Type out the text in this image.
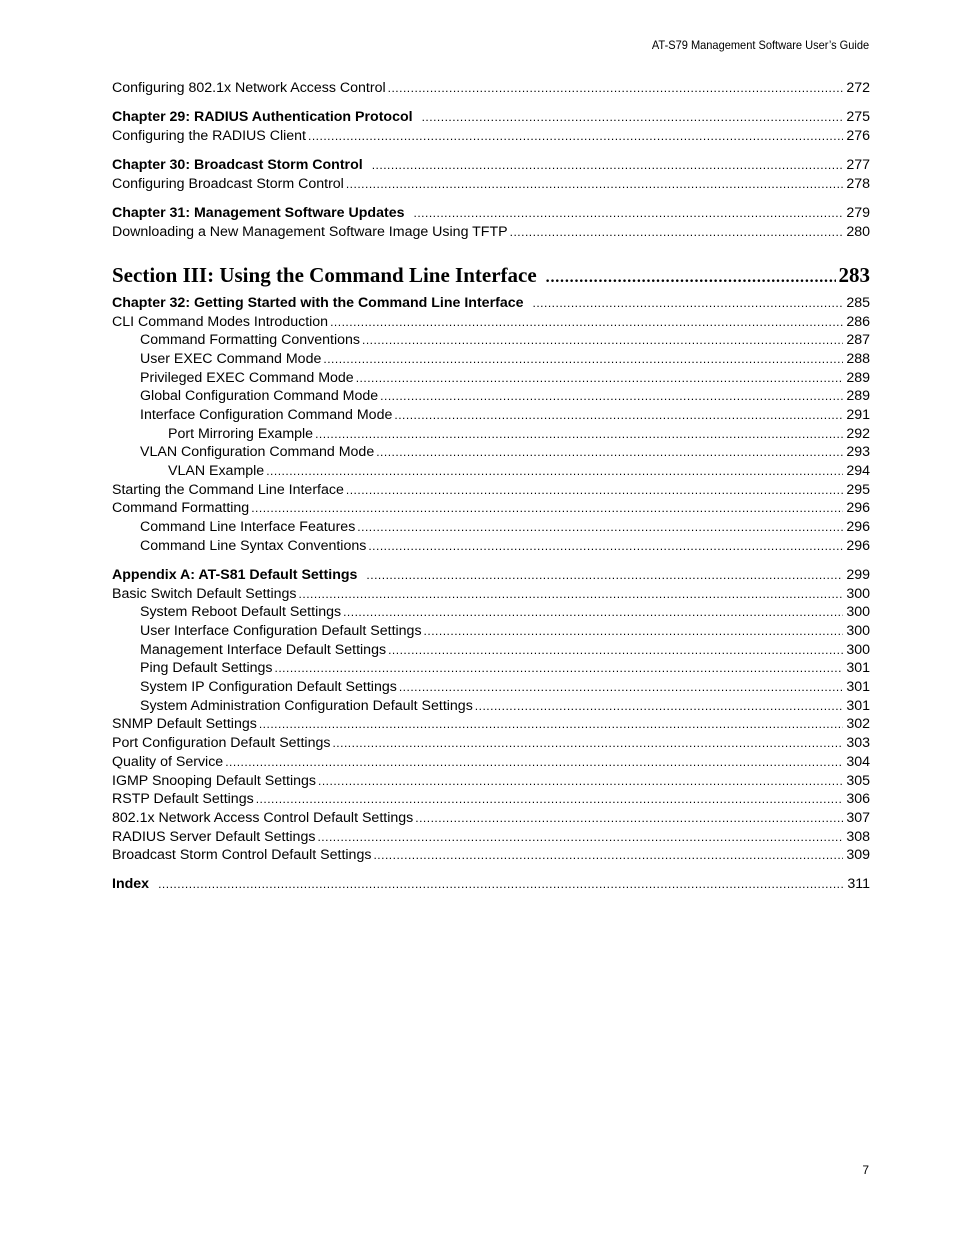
AT-S79 Management Software User’s Guide
Configuring 802.1x Network Access Control .....	272
Chapter 29: RADIUS Authentication Protocol .....	275
Configuring the RADIUS Client .....	276
Chapter 30: Broadcast Storm Control .....	277
Configuring Broadcast Storm Control .....	278
Chapter 31: Management Software Updates .....	279
Downloading a New Management Software Image Using TFTP .....	280
Section III: Using the Command Line Interface .....	283
Chapter 32: Getting Started with the Command Line Interface .....	285
CLI Command Modes Introduction .....	286
Command Formatting Conventions .....	287
User EXEC Command Mode .....	288
Privileged EXEC Command Mode .....	289
Global Configuration Command Mode .....	289
Interface Configuration Command Mode .....	291
Port Mirroring Example .....	292
VLAN Configuration Command Mode .....	293
VLAN Example .....	294
Starting the Command Line Interface .....	295
Command Formatting .....	296
Command Line Interface Features .....	296
Command Line Syntax Conventions .....	296
Appendix A: AT-S81 Default Settings .....	299
Basic Switch Default Settings .....	300
System Reboot Default Settings .....	300
User Interface Configuration Default Settings .....	300
Management Interface Default Settings .....	300
Ping Default Settings .....	301
System IP Configuration Default Settings .....	301
System Administration Configuration Default Settings .....	301
SNMP Default Settings .....	302
Port Configuration Default Settings .....	303
Quality of Service .....	304
IGMP Snooping Default Settings .....	305
RSTP Default Settings .....	306
802.1x Network Access Control Default Settings .....	307
RADIUS Server Default Settings .....	308
Broadcast Storm Control Default Settings .....	309
Index .....	311
7
